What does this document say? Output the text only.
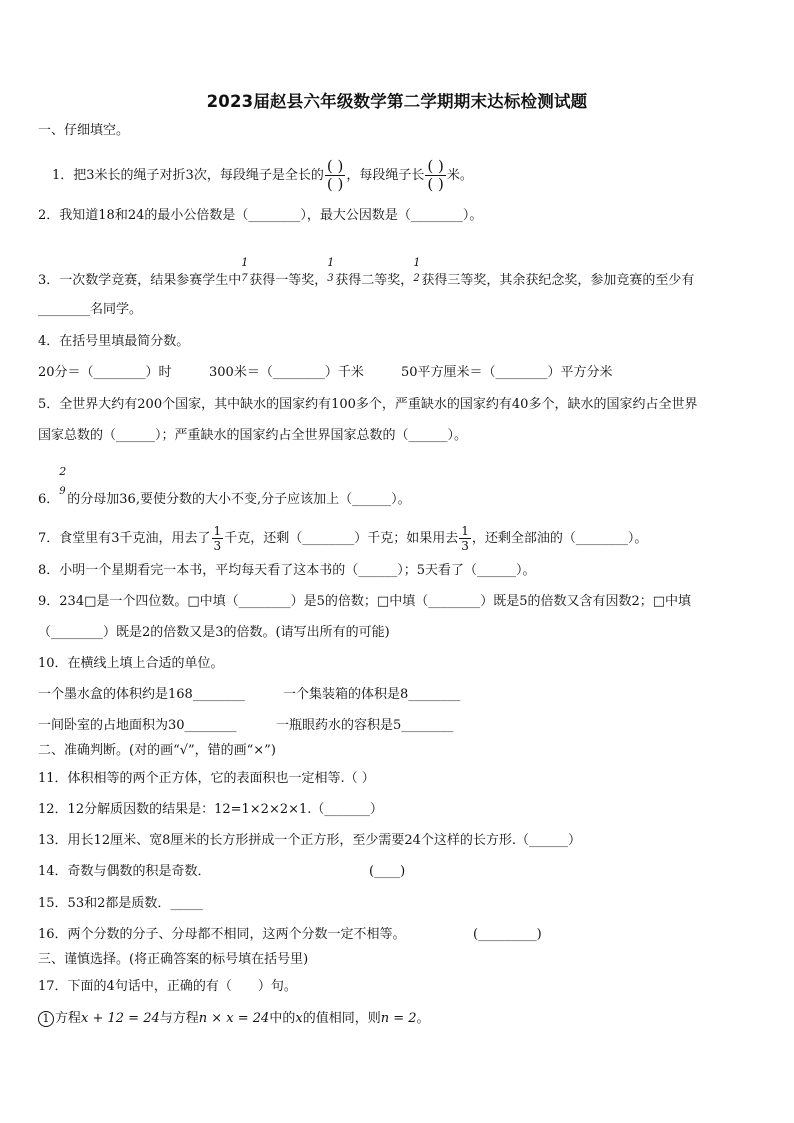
2023届赵县六年级数学第二学期期末达标检测试题
一、仔细填空。
1．把3米长的绳子对折3次，每段绳子是全长的 $\frac{( )}{( )}$ ，每段绳子长 $\frac{( )}{( )}$ 米。
2．我知道18和24的最小公倍数是（________），最大公因数是（________）。
3．一次数学竞赛，结果参赛学生中
1
7 获得一等奖，
1
3 获得二等奖，
1
2 获得三等奖，其余获纪念奖，参加竞赛的至少有
________名同学。
4．在括号里填最简分数。
20分＝（________）时	300米＝（________）千米	50平方厘米＝（________）平方分米
5．全世界大约有200个国家，其中缺水的国家约有100多个，严重缺水的国家约有40多个，缺水的国家约占全世界
国家总数的（______）；严重缺水的国家约占全世界国家总数的（______）。
6．
2
9
的分母加36,要使分数的大小不变,分子应该加上（______）。
7．食堂里有3千克油，用去了 $\frac{1}{3}$ 千克，还剩（________）千克；如果用去 $\frac{1}{3}$ ，还剩全部油的（________）。
8．小明一个星期看完一本书，平均每天看了这本书的（______）；5天看了（______）。
9．234□是一个四位数。□中填（________）是5的倍数；□中填（________）既是5的倍数又含有因数2；□中填
（________）既是2的倍数又是3的倍数。(请写出所有的可能)
10．在横线上填上合适的单位。
一个墨水盒的体积约是168________	一个集装箱的体积是8________
一间卧室的占地面积为30________	一瓶眼药水的容积是5________
二、准确判断。(对的画“√”，错的画“×”)
11．体积相等的两个正方体，它的表面积也一定相等.（ ）
12．12分解质因数的结果是：12=1×2×2×1.（_______）
13．用长12厘米、宽8厘米的长方形拼成一个正方形，至少需要24个这样的长方形.（______）
14．奇数与偶数的积是奇数．	(____)
15．53和2都是质数．_____
16．两个分数的分子、分母都不相同，这两个分数一定不相等。	(_________)
三、谨慎选择。(将正确答案的标号填在括号里)
17．下面的4句话中，正确的有（　　）句。
1 方程x + 12 = 24与方程n × x = 24中的x的值相同，则n = 2。
